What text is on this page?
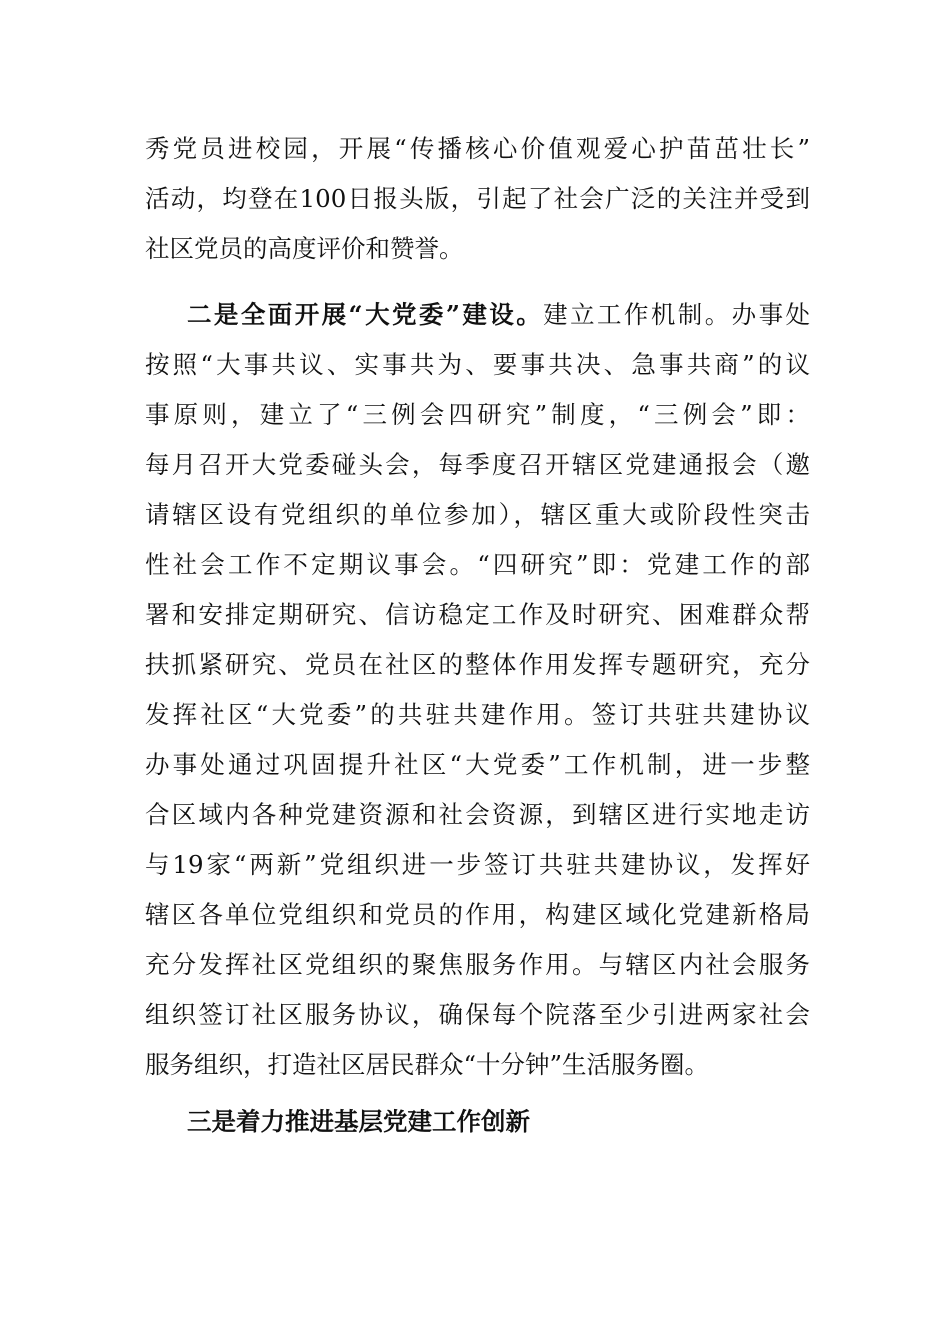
秀党员进校园，开展“传播核心价值观爱心护苗茁壮长”
活动，均登在100日报头版，引起了社会广泛的关注并受到
社区党员的高度评价和赞誉。
二是全面开展“大党委”建设。建立工作机制。办事处
按照“大事共议、实事共为、要事共决、急事共商”的议
事原则，建立了“三例会四研究”制度，“三例会”即：
每月召开大党委碰头会，每季度召开辖区党建通报会（邀
请辖区设有党组织的单位参加），辖区重大或阶段性突击
性社会工作不定期议事会。“四研究”即：党建工作的部
署和安排定期研究、信访稳定工作及时研究、困难群众帮
扶抓紧研究、党员在社区的整体作用发挥专题研究，充分
发挥社区“大党委”的共驻共建作用。签订共驻共建协议
办事处通过巩固提升社区“大党委”工作机制，进一步整
合区域内各种党建资源和社会资源，到辖区进行实地走访
与19家“两新”党组织进一步签订共驻共建协议，发挥好
辖区各单位党组织和党员的作用，构建区域化党建新格局
充分发挥社区党组织的聚焦服务作用。与辖区内社会服务
组织签订社区服务协议，确保每个院落至少引进两家社会
服务组织，打造社区居民群众“十分钟”生活服务圈。
三是着力推进基层党建工作创新
